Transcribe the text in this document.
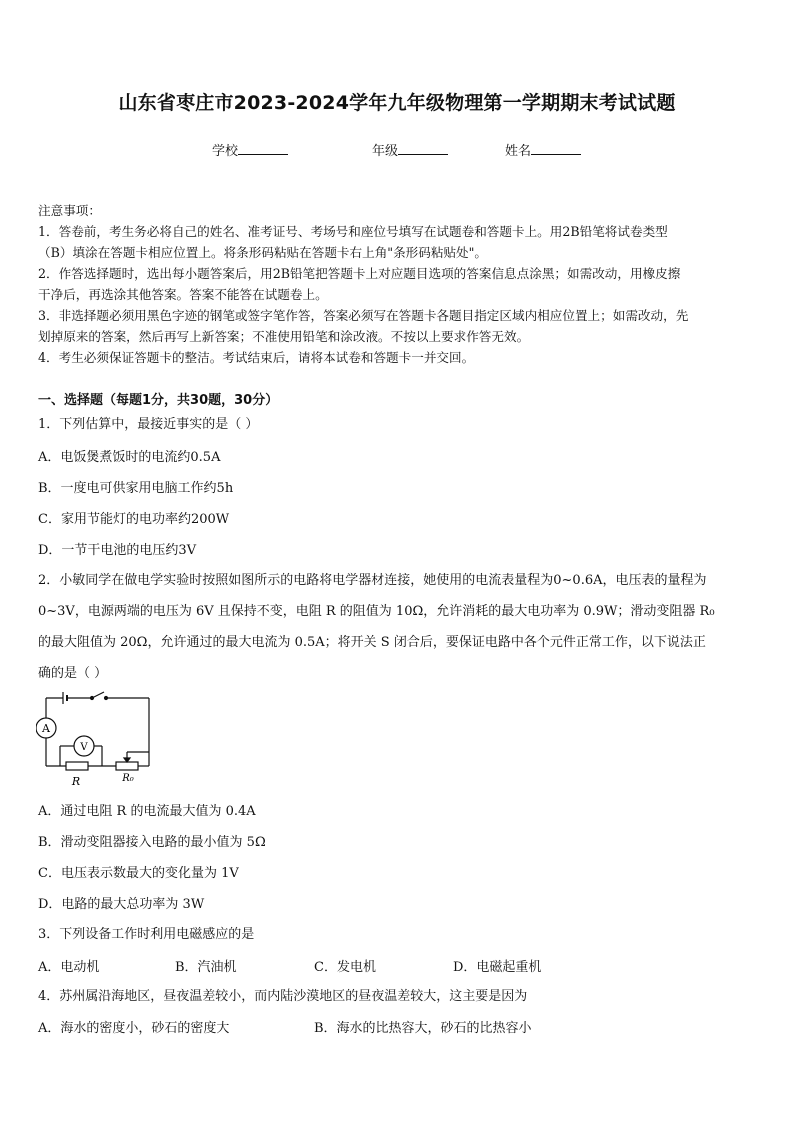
山东省枣庄市2023-2024学年九年级物理第一学期期末考试试题
学校	年级	姓名
注意事项：
1．答卷前，考生务必将自己的姓名、准考证号、考场号和座位号填写在试题卷和答题卡上。用2B铅笔将试卷类型
（B）填涂在答题卡相应位置上。将条形码粘贴在答题卡右上角"条形码粘贴处"。
2．作答选择题时，选出每小题答案后，用2B铅笔把答题卡上对应题目选项的答案信息点涂黑；如需改动，用橡皮擦
干净后，再选涂其他答案。答案不能答在试题卷上。
3．非选择题必须用黑色字迹的钢笔或签字笔作答，答案必须写在答题卡各题目指定区域内相应位置上；如需改动，先
划掉原来的答案，然后再写上新答案；不准使用铅笔和涂改液。不按以上要求作答无效。
4．考生必须保证答题卡的整洁。考试结束后，请将本试卷和答题卡一并交回。
一、选择题（每题1分，共30题，30分）
1．下列估算中，最接近事实的是（ ）
A．电饭煲煮饭时的电流约0.5A
B．一度电可供家用电脑工作约5h
C．家用节能灯的电功率约200W
D．一节干电池的电压约3V
2．小敏同学在做电学实验时按照如图所示的电路将电学器材连接，她使用的电流表量程为0~0.6A，电压表的量程为
0~3V，电源两端的电压为 6V 且保持不变，电阻 R 的阻值为 10Ω，允许消耗的最大电功率为 0.9W；滑动变阻器 R₀
的最大阻值为 20Ω，允许通过的最大电流为 0.5A；将开关 S 闭合后，要保证电路中各个元件正常工作，以下说法正
确的是（ ）
A
V
R	R₀
A．通过电阻 R 的电流最大值为 0.4A
B．滑动变阻器接入电路的最小值为 5Ω
C．电压表示数最大的变化量为 1V
D．电路的最大总功率为 3W
3．下列设备工作时利用电磁感应的是
A．电动机	B．汽油机	C．发电机	D．电磁起重机
4．苏州属沿海地区，昼夜温差较小，而内陆沙漠地区的昼夜温差较大，这主要是因为
A．海水的密度小，砂石的密度大	B．海水的比热容大，砂石的比热容小
